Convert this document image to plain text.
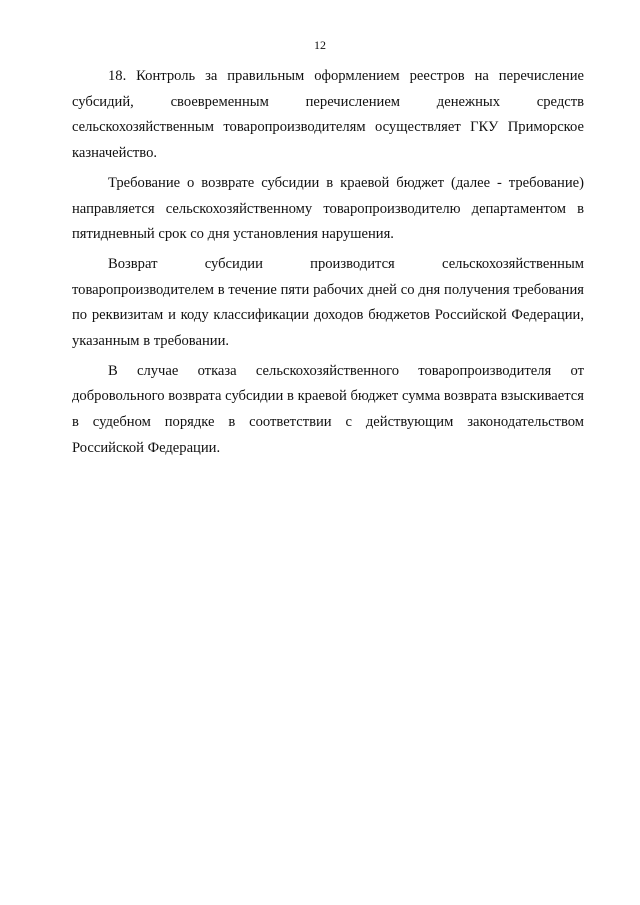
12

18. Контроль за правильным оформлением реестров на перечисление субсидий, своевременным перечислением денежных средств сельскохозяйственным товаропроизводителям осуществляет ГКУ Приморское казначейство.

Требование о возврате субсидии в краевой бюджет (далее - требование) направляется сельскохозяйственному товаропроизводителю департаментом в пятидневный срок со дня установления нарушения.

Возврат субсидии производится сельскохозяйственным товаропроизводителем в течение пяти рабочих дней со дня получения требования по реквизитам и коду классификации доходов бюджетов Российской Федерации, указанным в требовании.

В случае отказа сельскохозяйственного товаропроизводителя от добровольного возврата субсидии в краевой бюджет сумма возврата взыскивается в судебном порядке в соответствии с действующим законодательством Российской Федерации.
